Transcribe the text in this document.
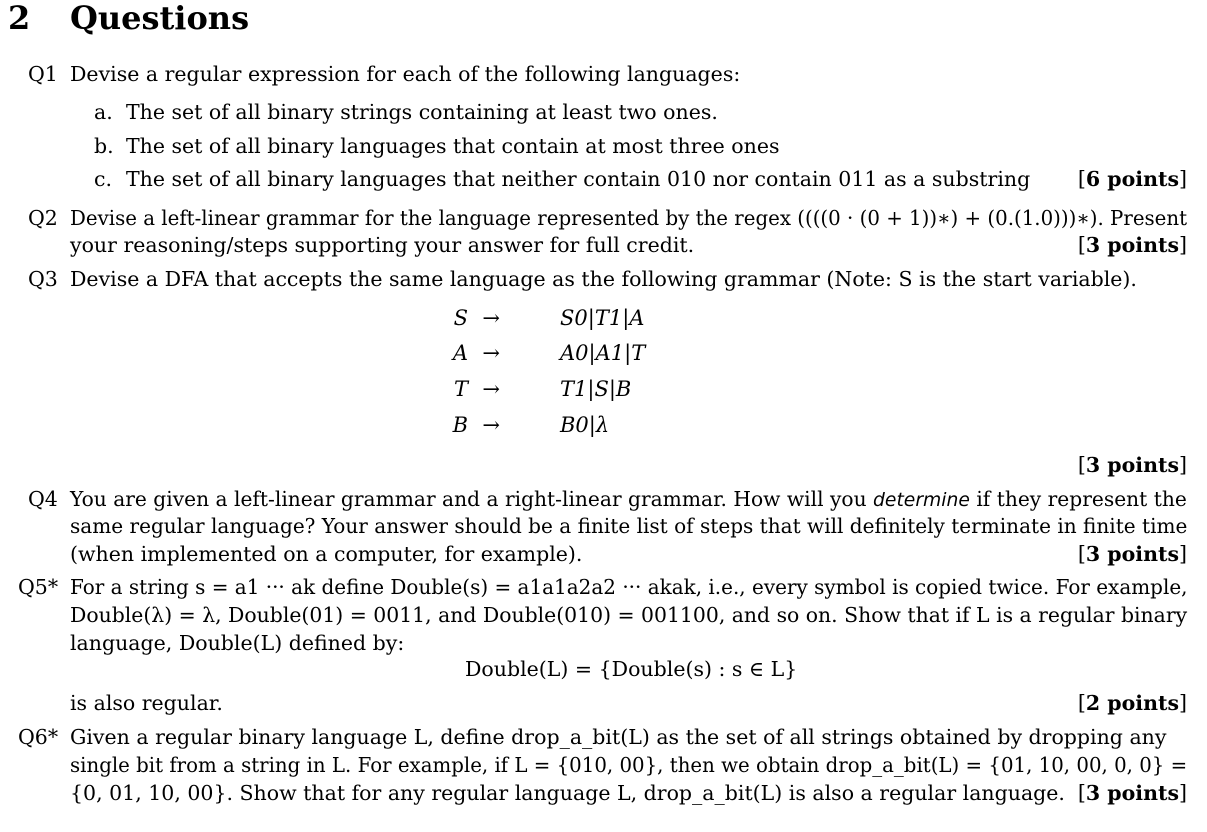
2 Questions
Q1 Devise a regular expression for each of the following languages:
a. The set of all binary strings containing at least two ones.
b. The set of all binary languages that contain at most three ones
c. The set of all binary languages that neither contain 010 nor contain 011 as a substring [6 points]
Q2 Devise a left-linear grammar for the language represented by the regex ((((0 · (0 + 1))∗) + (0.(1.0)))∗). Present
your reasoning/steps supporting your answer for full credit.	[3 points]
Q3 Devise a DFA that accepts the same language as the following grammar (Note: S is the start variable).
S →	S0|T1|A
A →	A0|A1|T
T →	T1|S|B
B →	B0|λ
[3 points]
Q4 You are given a left-linear grammar and a right-linear grammar. How will you determine if they represent the
same regular language? Your answer should be a finite list of steps that will definitely terminate in finite time
(when implemented on a computer, for example).	[3 points]
Q5* For a string s = a1 ··· ak define Double(s) = a1a1a2a2 ··· akak, i.e., every symbol is copied twice. For example,
Double(λ) = λ, Double(01) = 0011, and Double(010) = 001100, and so on. Show that if L is a regular binary
language, Double(L) defined by:
Double(L) = {Double(s) : s ∈ L}
is also regular.	[2 points]
Q6* Given a regular binary language L, define drop_a_bit(L) as the set of all strings obtained by dropping any
single bit from a string in L. For example, if L = {010, 00}, then we obtain drop_a_bit(L) = {01, 10, 00, 0, 0} =
{0, 01, 10, 00}. Show that for any regular language L, drop_a_bit(L) is also a regular language. [3 points]
